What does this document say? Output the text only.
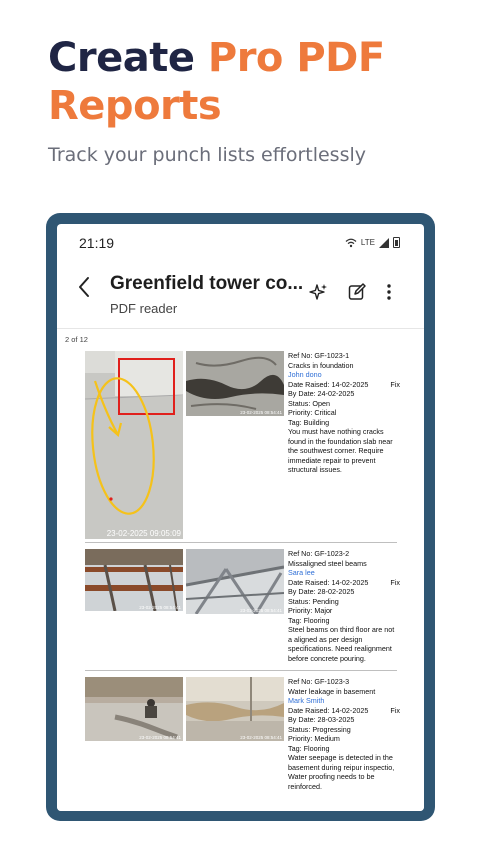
Create Pro PDF
Reports
Track your punch lists effortlessly
21:19	LTE
Greenfield tower co...
PDF reader
2 of 12
23-02-2025 09:05:09
23-02-2025 08:54:41
Ref No: GF-1023-1
Cracks in foundation
John dono
Date Raised: 14-02-2025	Fix
By Date: 24-02-2025
Status: Open
Priority: Critical
Tag: Building
You must have nothing cracks found in the foundation slab near the southwest corner. Require immediate repair to prevent structural issues.
23-02-2025 08:54:41
23-02-2025 08:54:41
Ref No: GF-1023-2
Missaligned steel beams
Sara lee
Date Raised: 14-02-2025	Fix
By Date: 28-02-2025
Status: Pending
Priority: Major
Tag: Flooring
Steel beams on third floor are not a aligned as per design specifications. Need realignment before concrete pouring.
23-02-2025 08:54:41	23-02-2025 08:54:41
Ref No: GF-1023-3
Water leakage in basement
Mark Smith
Date Raised: 14-02-2025	Fix
By Date: 28-03-2025
Status: Progressing
Priority: Medium
Tag: Flooring
Water seepage is detected in the basement during reipur inspectio, Water proofing needs to be reinforced.
